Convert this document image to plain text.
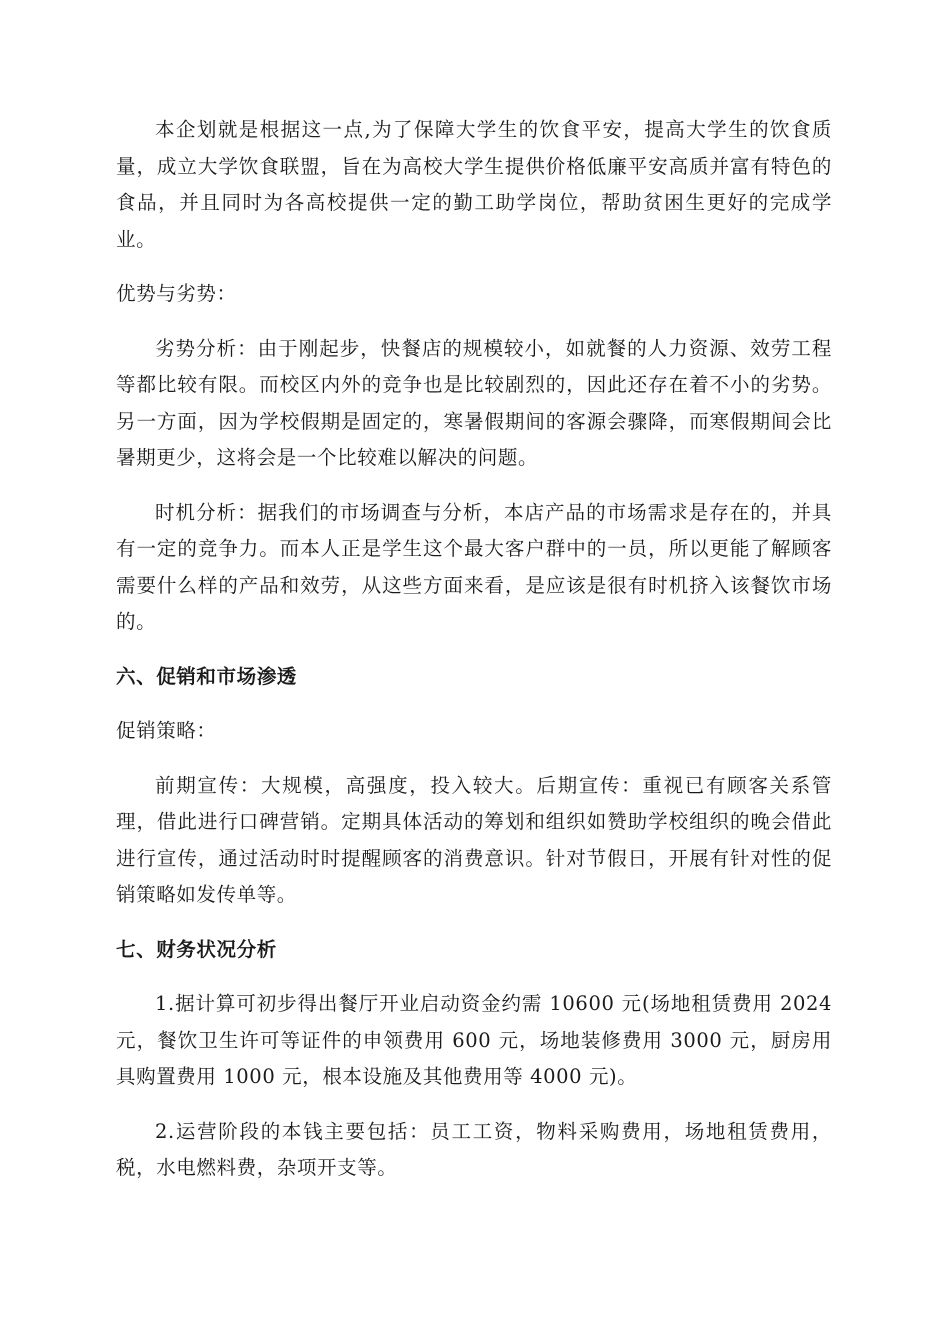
本企划就是根据这一点,为了保障大学生的饮食平安，提高大学生的饮食质量，成立大学饮食联盟，旨在为高校大学生提供价格低廉平安高质并富有特色的食品，并且同时为各高校提供一定的勤工助学岗位，帮助贫困生更好的完成学业。

优势与劣势：

劣势分析：由于刚起步，快餐店的规模较小，如就餐的人力资源、效劳工程等都比较有限。而校区内外的竞争也是比较剧烈的，因此还存在着不小的劣势。另一方面，因为学校假期是固定的，寒暑假期间的客源会骤降，而寒假期间会比暑期更少，这将会是一个比较难以解决的问题。

时机分析：据我们的市场调查与分析，本店产品的市场需求是存在的，并具有一定的竞争力。而本人正是学生这个最大客户群中的一员，所以更能了解顾客需要什么样的产品和效劳，从这些方面来看，是应该是很有时机挤入该餐饮市场的。

六、促销和市场渗透

促销策略：

前期宣传：大规模，高强度，投入较大。后期宣传：重视已有顾客关系管理，借此进行口碑营销。定期具体活动的筹划和组织如赞助学校组织的晚会借此进行宣传，通过活动时时提醒顾客的消费意识。针对节假日，开展有针对性的促销策略如发传单等。

七、财务状况分析

1.据计算可初步得出餐厅开业启动资金约需 10600 元(场地租赁费用 2024 元，餐饮卫生许可等证件的申领费用 600 元，场地装修费用 3000 元，厨房用具购置费用 1000 元，根本设施及其他费用等 4000 元)。

2.运营阶段的本钱主要包括：员工工资，物料采购费用，场地租赁费用，税，水电燃料费，杂项开支等。
